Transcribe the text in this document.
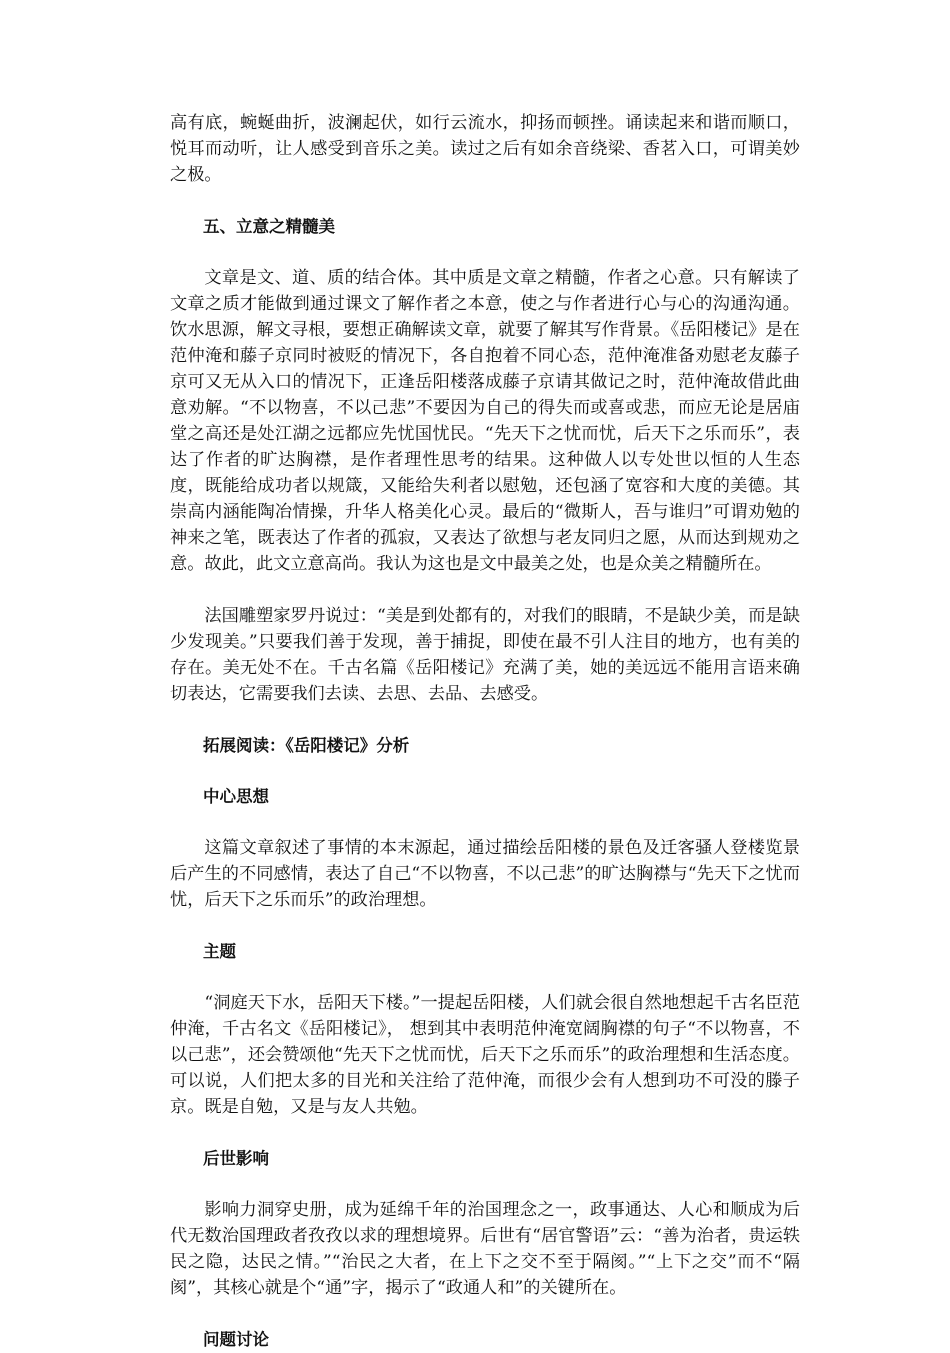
高有底，蜿蜒曲折，波澜起伏，如行云流水，抑扬而顿挫。诵读起来和谐而顺口，悦耳而动听，让人感受到音乐之美。读过之后有如余音绕梁、香茗入口，可谓美妙之极。

五、立意之精髓美

文章是文、道、质的结合体。其中质是文章之精髓，作者之心意。只有解读了文章之质才能做到通过课文了解作者之本意，使之与作者进行心与心的沟通沟通。饮水思源，解文寻根，要想正确解读文章，就要了解其写作背景。《岳阳楼记》是在范仲淹和藤子京同时被贬的情况下，各自抱着不同心态，范仲淹准备劝慰老友藤子京可又无从入口的情况下，正逢岳阳楼落成藤子京请其做记之时，范仲淹故借此曲意劝解。“不以物喜，不以己悲”不要因为自己的得失而或喜或悲，而应无论是居庙堂之高还是处江湖之远都应先忧国忧民。“先天下之忧而忧，后天下之乐而乐”，表达了作者的旷达胸襟，是作者理性思考的结果。这种做人以专处世以恒的人生态度，既能给成功者以规箴，又能给失利者以慰勉，还包涵了宽容和大度的美德。其崇高内涵能陶冶情操，升华人格美化心灵。最后的“微斯人，吾与谁归”可谓劝勉的神来之笔，既表达了作者的孤寂，又表达了欲想与老友同归之愿，从而达到规劝之意。故此，此文立意高尚。我认为这也是文中最美之处，也是众美之精髓所在。

法国雕塑家罗丹说过：“美是到处都有的，对我们的眼睛，不是缺少美，而是缺少发现美。”只要我们善于发现，善于捕捉，即使在最不引人注目的地方，也有美的存在。美无处不在。千古名篇《岳阳楼记》充满了美，她的美远远不能用言语来确切表达，它需要我们去读、去思、去品、去感受。

拓展阅读：《岳阳楼记》分析
中心思想

这篇文章叙述了事情的本末源起，通过描绘岳阳楼的景色及迁客骚人登楼览景后产生的不同感情，表达了自己“不以物喜，不以己悲”的旷达胸襟与“先天下之忧而忧，后天下之乐而乐”的政治理想。

主题

“洞庭天下水，岳阳天下楼。”一提起岳阳楼，人们就会很自然地想起千古名臣范仲淹，千古名文《岳阳楼记》， 想到其中表明范仲淹宽阔胸襟的句子“不以物喜，不以己悲”，还会赞颂他“先天下之忧而忧，后天下之乐而乐”的政治理想和生活态度。可以说，人们把太多的目光和关注给了范仲淹，而很少会有人想到功不可没的滕子京。既是自勉，又是与友人共勉。

后世影响

影响力洞穿史册，成为延绵千年的治国理念之一，政事通达、人心和顺成为后代无数治国理政者孜孜以求的理想境界。后世有“居官警语”云：“善为治者，贵运轶民之隐，达民之情。”“治民之大者，在上下之交不至于隔阂。”“上下之交”而不“隔阂”，其核心就是个“通”字，揭示了“政通人和”的关键所在。

问题讨论
